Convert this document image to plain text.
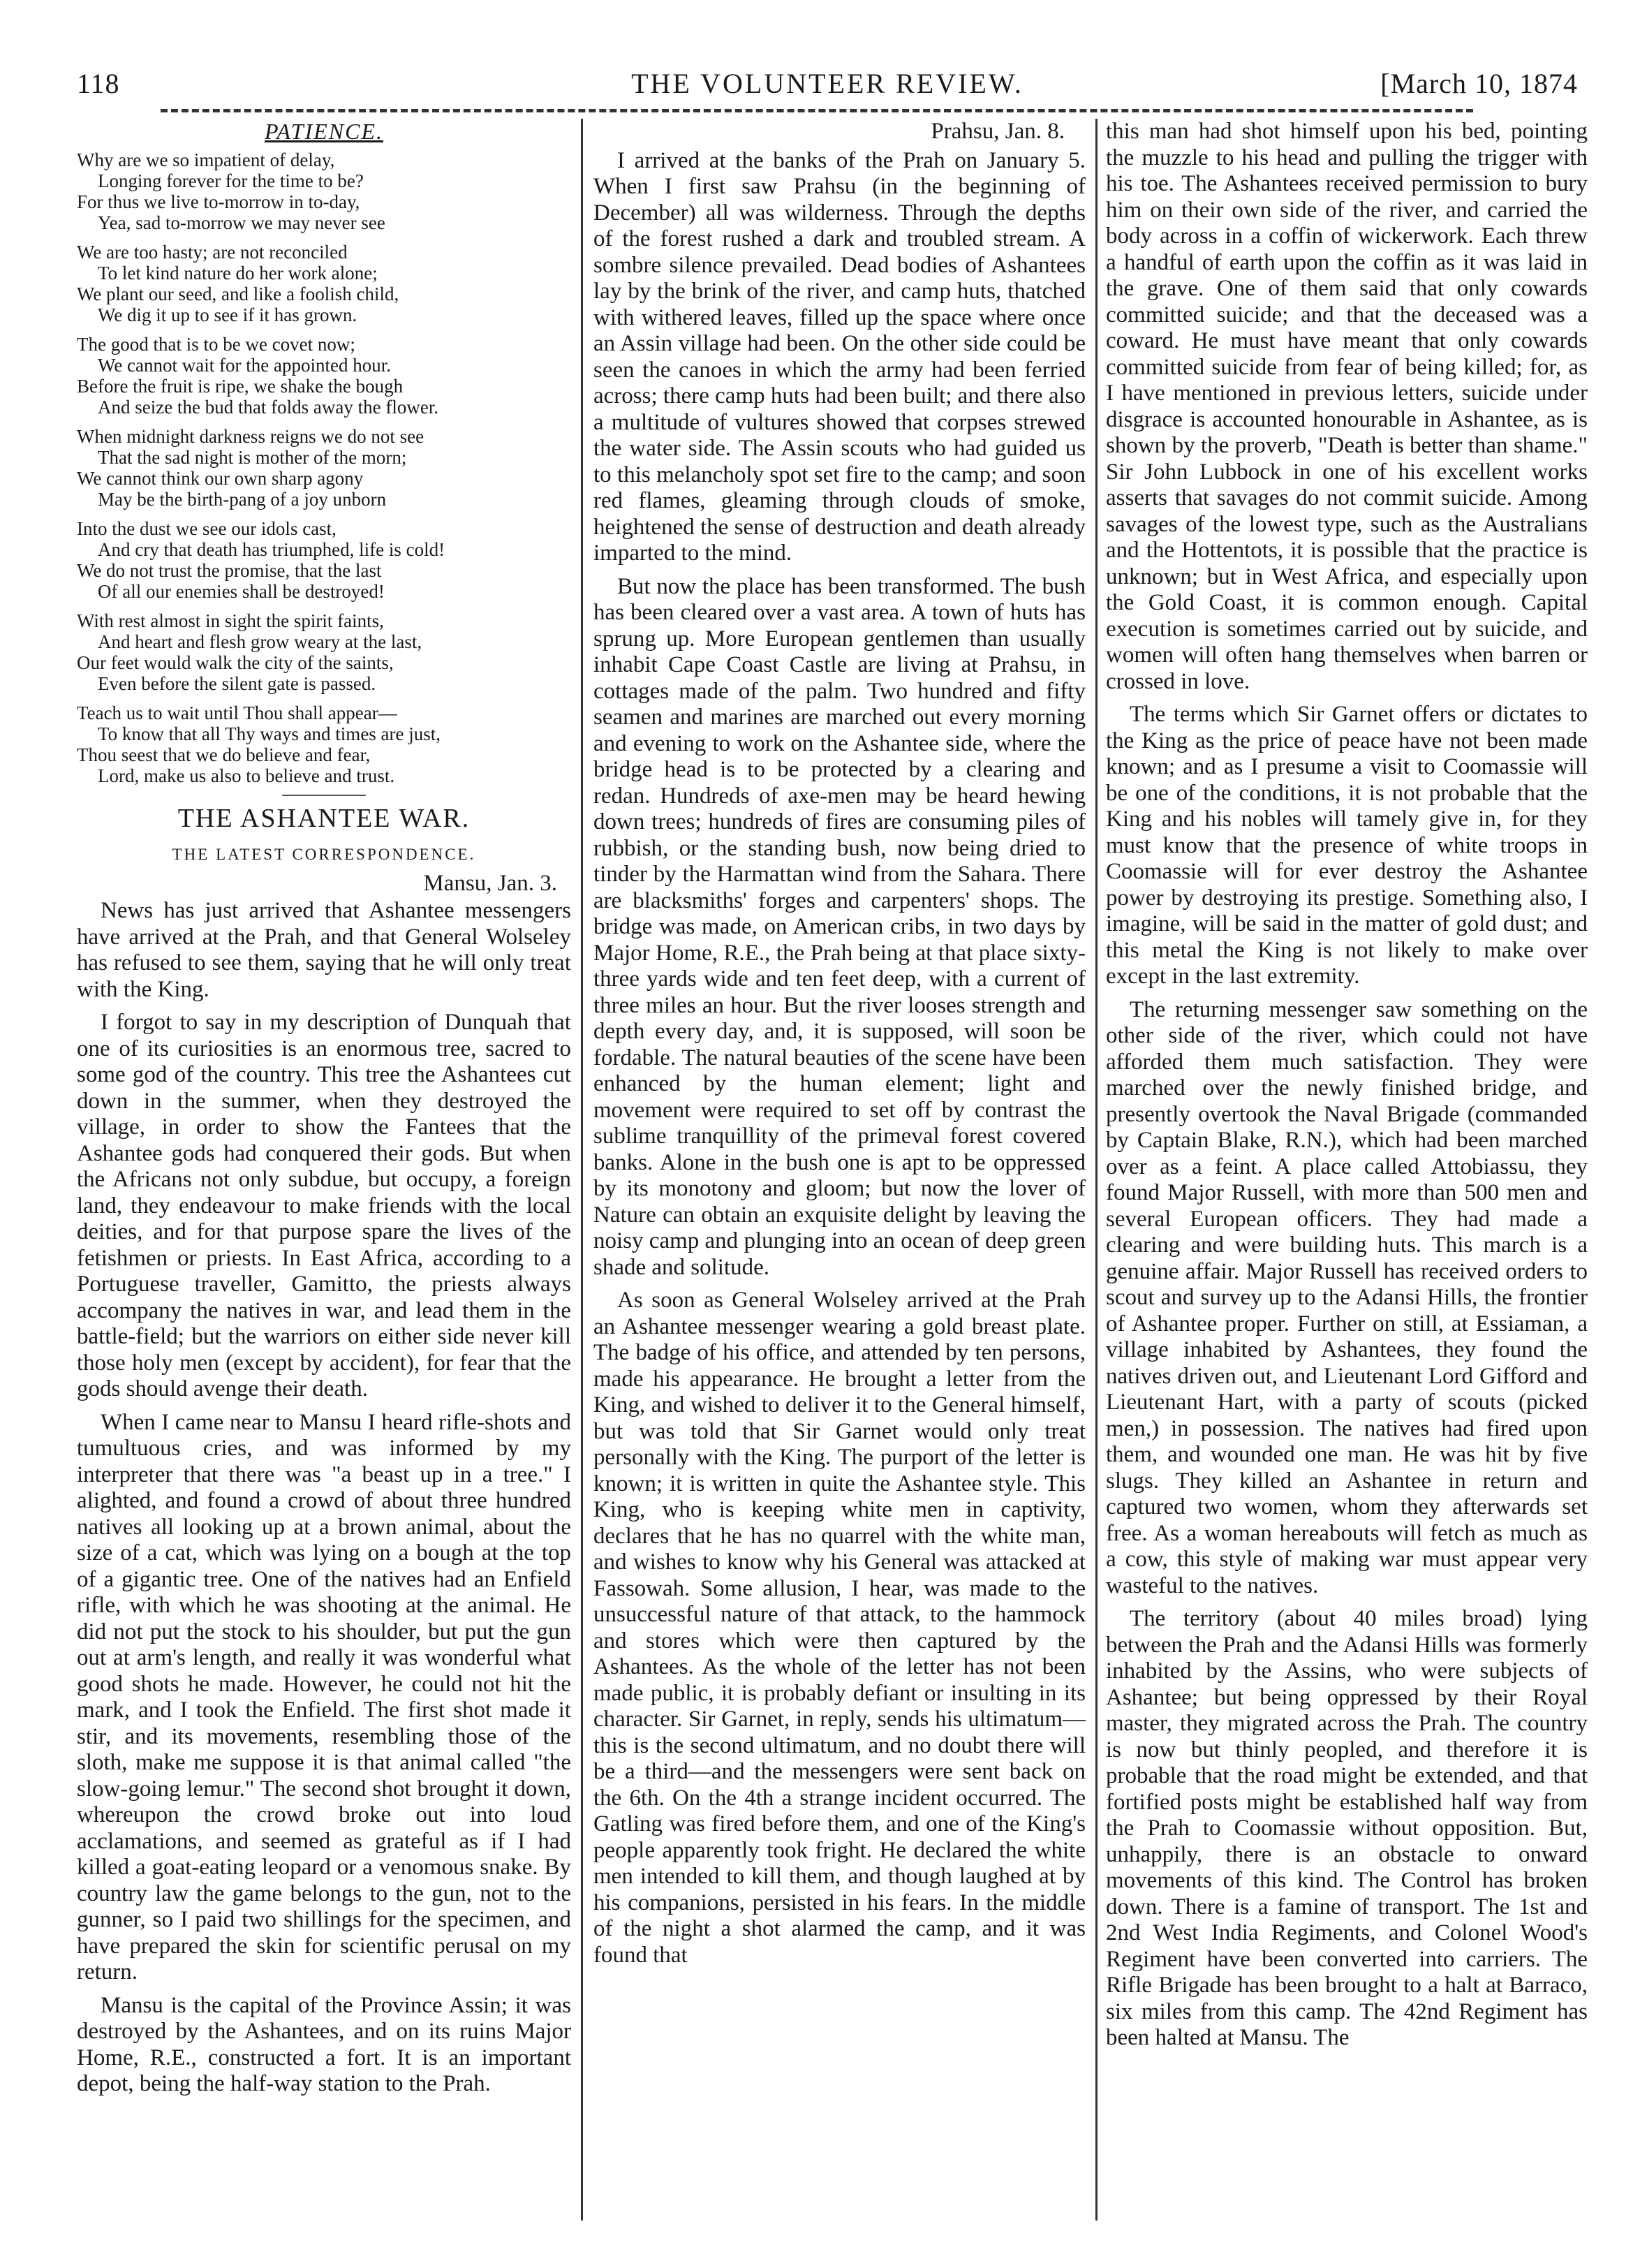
THE VOLUNTEER REVIEW.
118	[March 10, 1874
PATIENCE.
Why are we so impatient of delay,
Longing forever for the time to be?
For thus we live to-morrow in to-day,
Yea, sad to-morrow we may never see
We are too hasty; are not reconciled
To let kind nature do her work alone;
We plant our seed, and like a foolish child,
We dig it up to see if it has grown.
The good that is to be we covet now;
We cannot wait for the appointed hour.
Before the fruit is ripe, we shake the bough
And seize the bud that folds away the flower.
When midnight darkness reigns we do not see
That the sad night is mother of the morn;
We cannot think our own sharp agony
May be the birth-pang of a joy unborn
Into the dust we see our idols cast,
And cry that death has triumphed, life is cold!
We do not trust the promise, that the last
Of all our enemies shall be destroyed!
With rest almost in sight the spirit faints,
And heart and flesh grow weary at the last,
Our feet would walk the city of the saints,
Even before the silent gate is passed.
Teach us to wait until Thou shall appear—
To know that all Thy ways and times are just,
Thou seest that we do believe and fear,
Lord, make us also to believe and trust.
THE ASHANTEE WAR.
THE LATEST CORRESPONDENCE.
Mansu, Jan. 3.

News has just arrived that Ashantee messengers have arrived at the Prah, and that General Wolseley has refused to see them, saying that he will only treat with the King.

I forgot to say in my description of Dunquah that one of its curiosities is an enormous tree, sacred to some god of the country. This tree the Ashantees cut down in the summer, when they destroyed the village, in order to show the Fantees that the Ashantee gods had conquered their gods. But when the Africans not only subdue, but occupy, a foreign land, they endeavour to make friends with the local deities, and for that purpose spare the lives of the fetishmen or priests. In East Africa, according to a Portuguese traveller, Gamitto, the priests always accompany the natives in war, and lead them in the battle-field; but the warriors on either side never kill those holy men (except by accident), for fear that the gods should avenge their death.

When I came near to Mansu I heard rifle-shots and tumultuous cries, and was informed by my interpreter that there was "a beast up in a tree." I alighted, and found a crowd of about three hundred natives all looking up at a brown animal, about the size of a cat, which was lying on a bough at the top of a gigantic tree. One of the natives had an Enfield rifle, with which he was shooting at the animal. He did not put the stock to his shoulder, but put the gun out at arm's length, and really it was wonderful what good shots he made. However, he could not hit the mark, and I took the Enfield. The first shot made it stir, and its movements, resembling those of the sloth, make me suppose it is that animal called "the slow-going lemur." The second shot brought it down, whereupon the crowd broke out into loud acclamations, and seemed as grateful as if I had killed a goat-eating leopard or a venomous snake. By country law the game belongs to the gun, not to the gunner, so I paid two shillings for the specimen, and have prepared the skin for scientific perusal on my return.

Mansu is the capital of the Province Assin; it was destroyed by the Ashantees, and on its ruins Major Home, R.E., constructed a fort. It is an important depot, being the half-way station to the Prah.

Prahsu, Jan. 8.

I arrived at the banks of the Prah on January 5. When I first saw Prahsu (in the beginning of December) all was wilderness. Through the depths of the forest rushed a dark and troubled stream. A sombre silence prevailed. Dead bodies of Ashantees lay by the brink of the river, and camp huts, thatched with withered leaves, filled up the space where once an Assin village had been. On the other side could be seen the canoes in which the army had been ferried across; there camp huts had been built; and there also a multitude of vultures showed that corpses strewed the water side. The Assin scouts who had guided us to this melancholy spot set fire to the camp; and soon red flames, gleaming through clouds of smoke, heightened the sense of destruction and death already imparted to the mind.

But now the place has been transformed. The bush has been cleared over a vast area. A town of huts has sprung up. More European gentlemen than usually inhabit Cape Coast Castle are living at Prahsu, in cottages made of the palm. Two hundred and fifty seamen and marines are marched out every morning and evening to work on the Ashantee side, where the bridge head is to be protected by a clearing and redan. Hundreds of axe-men may be heard hewing down trees; hundreds of fires are consuming piles of rubbish, or the standing bush, now being dried to tinder by the Harmattan wind from the Sahara. There are blacksmiths' forges and carpenters' shops. The bridge was made, on American cribs, in two days by Major Home, R.E., the Prah being at that place sixty-three yards wide and ten feet deep, with a current of three miles an hour. But the river looses strength and depth every day, and, it is supposed, will soon be fordable. The natural beauties of the scene have been enhanced by the human element; light and movement were required to set off by contrast the sublime tranquillity of the primeval forest covered banks. Alone in the bush one is apt to be oppressed by its monotony and gloom; but now the lover of Nature can obtain an exquisite delight by leaving the noisy camp and plunging into an ocean of deep green shade and solitude.

As soon as General Wolseley arrived at the Prah an Ashantee messenger wearing a gold breast plate. The badge of his office, and attended by ten persons, made his appearance. He brought a letter from the King, and wished to deliver it to the General himself, but was told that Sir Garnet would only treat personally with the King. The purport of the letter is known; it is written in quite the Ashantee style. This King, who is keeping white men in captivity, declares that he has no quarrel with the white man, and wishes to know why his General was attacked at Fassowah. Some allusion, I hear, was made to the unsuccessful nature of that attack, to the hammock and stores which were then captured by the Ashantees. As the whole of the letter has not been made public, it is probably defiant or insulting in its character. Sir Garnet, in reply, sends his ultimatum—this is the second ultimatum, and no doubt there will be a third—and the messengers were sent back on the 6th. On the 4th a strange incident occurred. The Gatling was fired before them, and one of the King's people apparently took fright. He declared the white men intended to kill them, and though laughed at by his companions, persisted in his fears. In the middle of the night a shot alarmed the camp, and it was found that

this man had shot himself upon his bed, pointing the muzzle to his head and pulling the trigger with his toe. The Ashantees received permission to bury him on their own side of the river, and carried the body across in a coffin of wickerwork. Each threw a handful of earth upon the coffin as it was laid in the grave. One of them said that only cowards committed suicide; and that the deceased was a coward. He must have meant that only cowards committed suicide from fear of being killed; for, as I have mentioned in previous letters, suicide under disgrace is accounted honourable in Ashantee, as is shown by the proverb, "Death is better than shame." Sir John Lubbock in one of his excellent works asserts that savages do not commit suicide. Among savages of the lowest type, such as the Australians and the Hottentots, it is possible that the practice is unknown; but in West Africa, and especially upon the Gold Coast, it is common enough. Capital execution is sometimes carried out by suicide, and women will often hang themselves when barren or crossed in love.

The terms which Sir Garnet offers or dictates to the King as the price of peace have not been made known; and as I presume a visit to Coomassie will be one of the conditions, it is not probable that the King and his nobles will tamely give in, for they must know that the presence of white troops in Coomassie will for ever destroy the Ashantee power by destroying its prestige. Something also, I imagine, will be said in the matter of gold dust; and this metal the King is not likely to make over except in the last extremity.

The returning messenger saw something on the other side of the river, which could not have afforded them much satisfaction. They were marched over the newly finished bridge, and presently overtook the Naval Brigade (commanded by Captain Blake, R.N.), which had been marched over as a feint. A place called Attobiassu, they found Major Russell, with more than 500 men and several European officers. They had made a clearing and were building huts. This march is a genuine affair. Major Russell has received orders to scout and survey up to the Adansi Hills, the frontier of Ashantee proper. Further on still, at Essiaman, a village inhabited by Ashantees, they found the natives driven out, and Lieutenant Lord Gifford and Lieutenant Hart, with a party of scouts (picked men,) in possession. The natives had fired upon them, and wounded one man. He was hit by five slugs. They killed an Ashantee in return and captured two women, whom they afterwards set free. As a woman hereabouts will fetch as much as a cow, this style of making war must appear very wasteful to the natives.

The territory (about 40 miles broad) lying between the Prah and the Adansi Hills was formerly inhabited by the Assins, who were subjects of Ashantee; but being oppressed by their Royal master, they migrated across the Prah. The country is now but thinly peopled, and therefore it is probable that the road might be extended, and that fortified posts might be established half way from the Prah to Coomassie without opposition. But, unhappily, there is an obstacle to onward movements of this kind. The Control has broken down. There is a famine of transport. The 1st and 2nd West India Regiments, and Colonel Wood's Regiment have been converted into carriers. The Rifle Brigade has been brought to a halt at Barraco, six miles from this camp. The 42nd Regiment has been halted at Mansu. The
